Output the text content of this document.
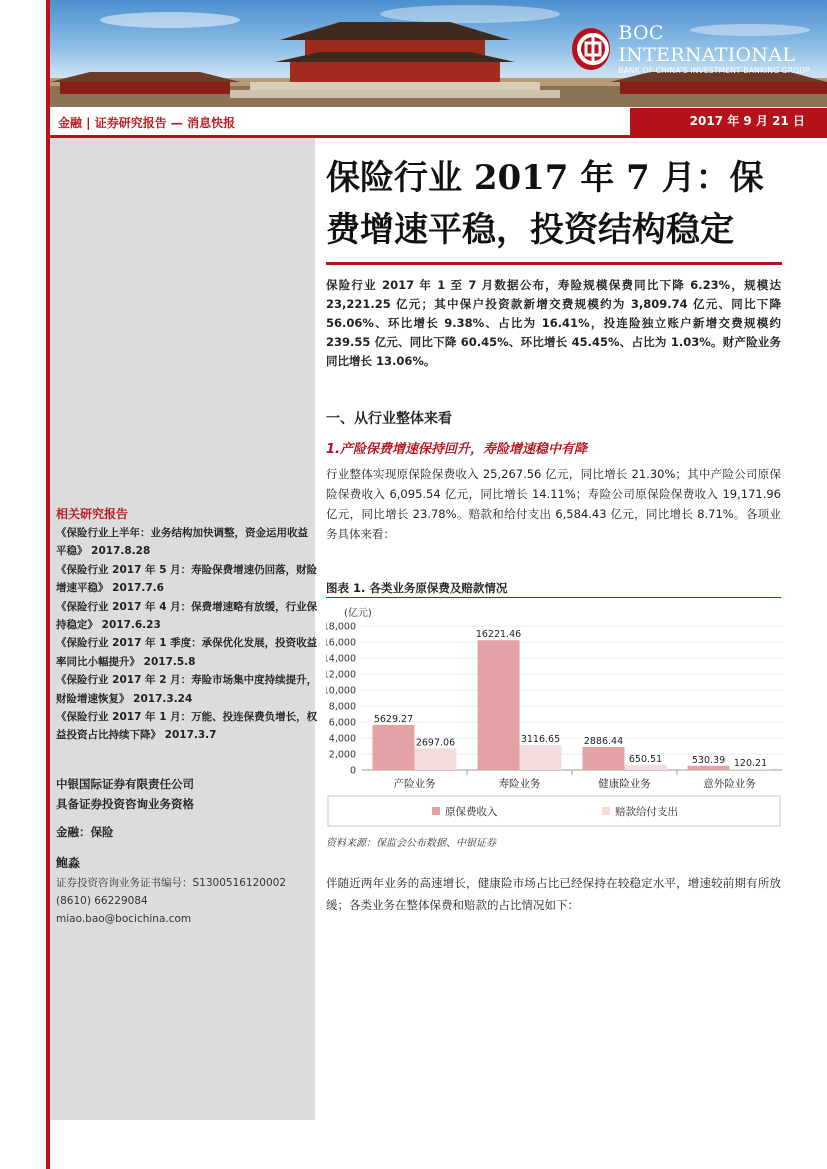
BOC INTERNATIONAL
BANK OF CHINA'S INVESTMENT BANKING GROUP
金融 | 证券研究报告 — 消息快报	2017 年 9 月 21 日
保险行业 2017 年 7 月：保
费增速平稳，投资结构稳定
保险行业 2017 年 1 至 7 月数据公布，寿险规模保费同比下降 6.23%，规模达 23,221.25 亿元；其中保户投资款新增交费规模约为 3,809.74 亿元、同比下降 56.06%、环比增长 9.38%、占比为 16.41%，投连险独立账户新增交费规模约 239.55 亿元、同比下降 60.45%、环比增长 45.45%、占比为 1.03%。财产险业务同比增长 13.06%。
一、从行业整体来看
1.产险保费增速保持回升，寿险增速稳中有降
行业整体实现原保险保费收入 25,267.56 亿元，同比增长 21.30%；其中产险公司原保险保费收入 6,095.54 亿元，同比增长 14.11%；寿险公司原保险保费收入 19,171.96 亿元，同比增长 23.78%。赔款和给付支出 6,584.43 亿元，同比增长 8.71%。各项业务具体来看：
图表 1. 各类业务原保费及赔款情况
(亿元)
18,000
16,000
14,000
12,000
10,000
8,000
6,000
4,000
2,000
0
5629.27
2697.06
产险业务
16221.46
3116.65
寿险业务
2886.44
650.51
健康险业务
530.39 120.21
意外险业务
原保费收入	赔款给付支出
资料来源：保监会公布数据、中银证券
伴随近两年业务的高速增长，健康险市场占比已经保持在较稳定水平，增速较前期有所放缓；各类业务在整体保费和赔款的占比情况如下：
相关研究报告
《保险行业上半年：业务结构加快调整，资金运用收益平稳》 2017.8.28
《保险行业 2017 年 5 月：寿险保费增速仍回落，财险增速平稳》 2017.7.6
《保险行业 2017 年 4 月：保费增速略有放缓，行业保持稳定》 2017.6.23
《保险行业 2017 年 1 季度：承保优化发展，投资收益率同比小幅提升》 2017.5.8
《保险行业 2017 年 2 月：寿险市场集中度持续提升，财险增速恢复》 2017.3.24
《保险行业 2017 年 1 月：万能、投连保费负增长，权益投资占比持续下降》 2017.3.7
中银国际证券有限责任公司
具备证券投资咨询业务资格
金融：保险
鲍淼
证券投资咨询业务证书编号：S1300516120002
(8610) 66229084
miao.bao@bocichina.com
